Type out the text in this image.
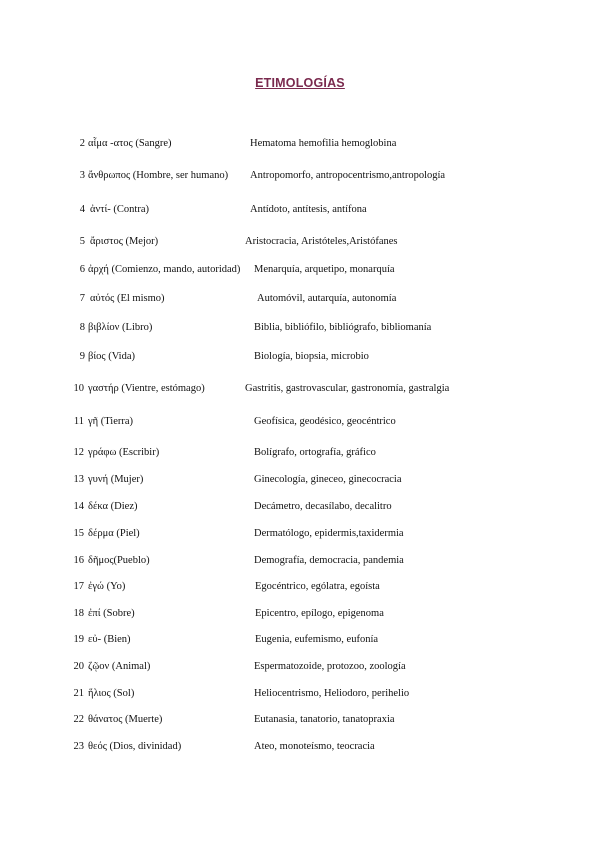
ETIMOLOGÍAS
2 αἷμα -ατος (Sangre)	Hematoma hemofilia hemoglobina
3 ἄνθρωπος (Hombre, ser humano) Antropomorfo, antropocentrismo,antropología
4 ἀντί- (Contra)	Antídoto, antítesis, antífona
5 ἄριστος (Mejor)	Aristocracia, Aristóteles,Aristófanes
6 ἀρχή (Comienzo, mando, autoridad) Menarquía, arquetipo, monarquía
7 αὐτός (El mismo)	Automóvil, autarquía, autonomía
8 βιβλίον (Libro)	Biblia, bibliófilo, bibliógrafo, bibliomanía
9 βίος (Vida)	Biología, biopsia, microbio
10 γαστήρ (Vientre, estómago)	Gastritis, gastrovascular, gastronomía, gastralgia
11 γῆ (Tierra)	Geofísica, geodésico, geocéntrico
12 γράφω (Escribir)	Bolígrafo, ortografía, gráfico
13 γυνή (Mujer)	Ginecología, gineceo, ginecocracia
14 δέκα (Diez)	Decámetro, decasílabo, decalitro
15 δέρμα (Piel)	Dermatólogo, epidermis,taxidermia
16 δῆμος(Pueblo)	Demografía, democracia, pandemia
17 ἐγώ (Yo)	Egocéntrico, ególatra, egoísta
18 ἐπί (Sobre)	Epicentro, epílogo, epigenoma
19 εὐ- (Bien)	Eugenia, eufemismo, eufonía
20 ζῷον (Animal)	Espermatozoide, protozoo, zoología
21 ἥλιος (Sol)	Heliocentrismo, Heliodoro, perihelio
22 θάνατος (Muerte)	Eutanasia, tanatorio, tanatopraxia
23 θεός (Dios, divinidad)	Ateo, monoteísmo, teocracia
